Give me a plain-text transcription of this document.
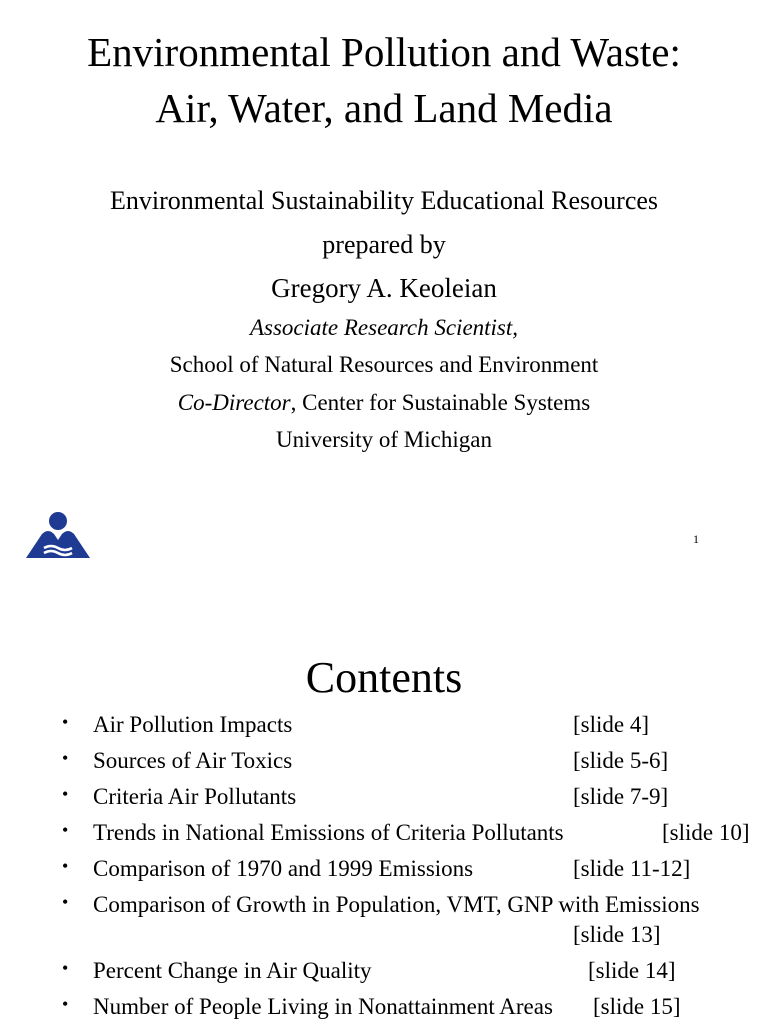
Environmental Pollution and Waste: Air, Water, and Land Media
Environmental Sustainability Educational Resources
prepared by
Gregory A. Keoleian
Associate Research Scientist,
School of Natural Resources and Environment
Co-Director, Center for Sustainable Systems
University of Michigan
1
Contents
• Air Pollution Impacts	[slide 4]
• Sources of Air Toxics	[slide 5-6]
• Criteria Air Pollutants	[slide 7-9]
• Trends in National Emissions of Criteria Pollutants	[slide 10]
• Comparison of 1970 and 1999 Emissions	[slide 11-12]
• Comparison of Growth in Population, VMT, GNP with Emissions
[slide 13]
• Percent Change in Air Quality	[slide 14]
• Number of People Living in Nonattainment Areas [slide 15]
